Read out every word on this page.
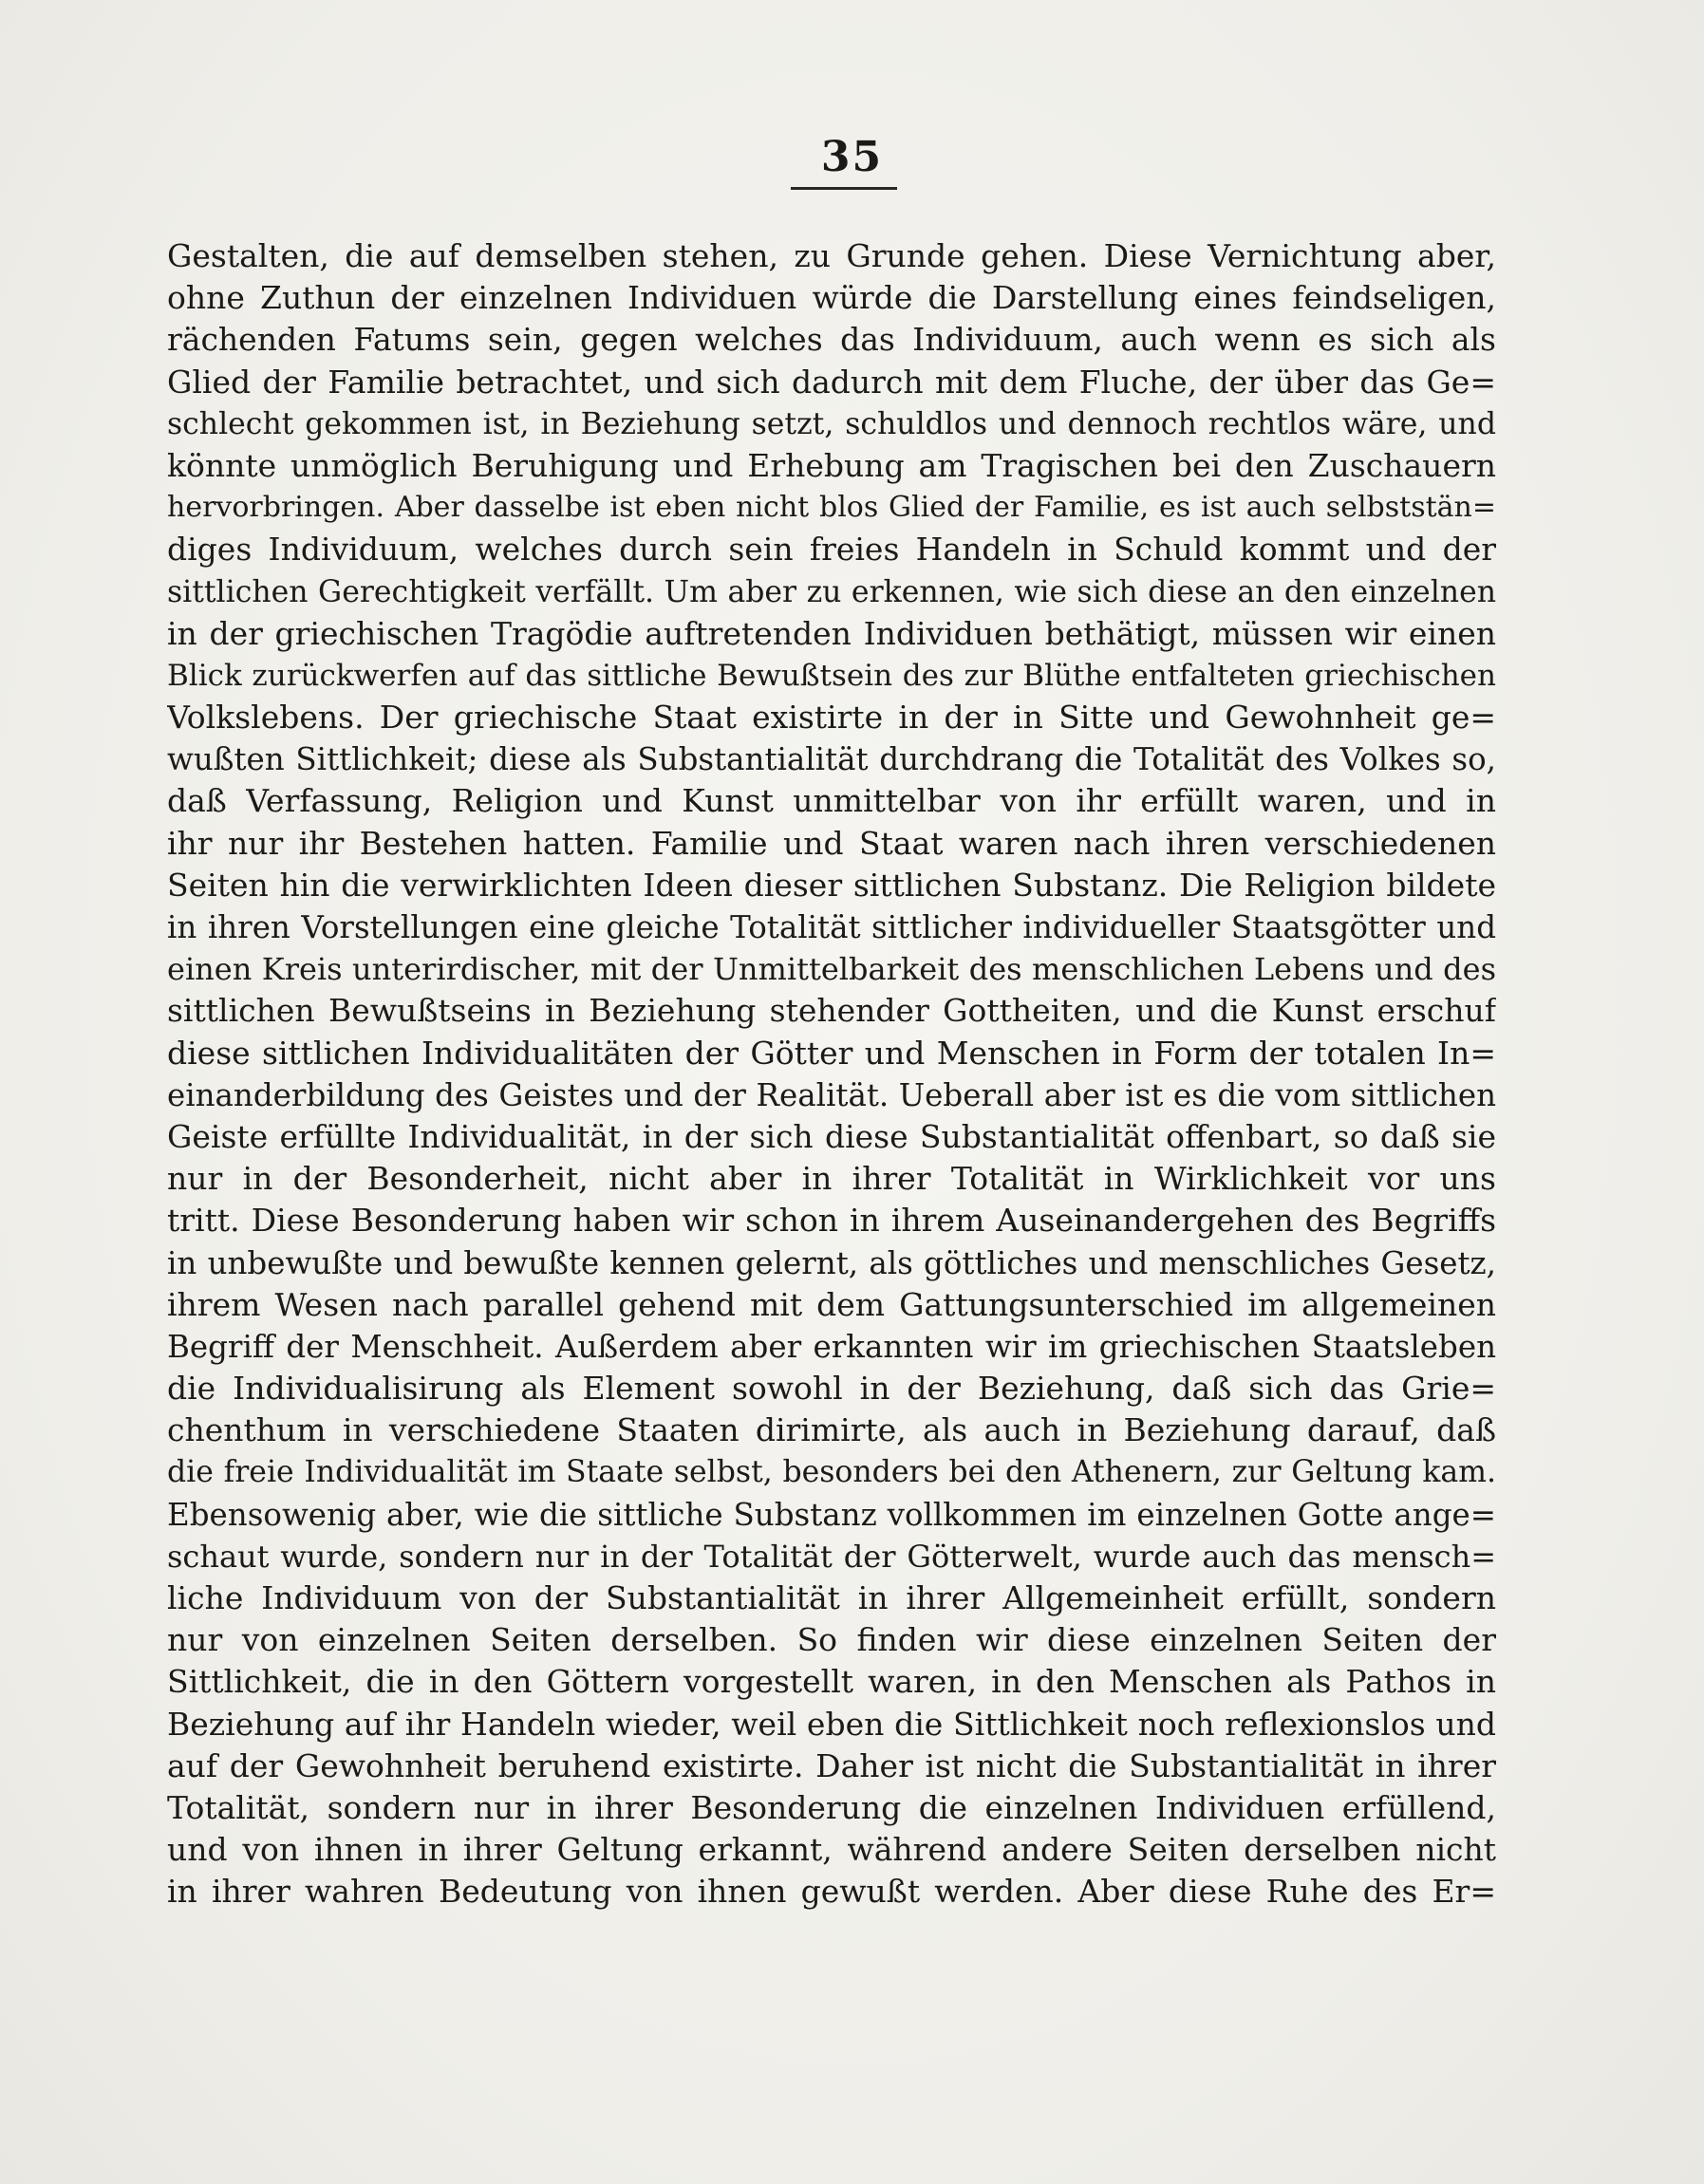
35
Gestalten, die auf demselben stehen, zu Grunde gehen. Diese Vernichtung aber,
ohne Zuthun der einzelnen Individuen würde die Darstellung eines feindseligen,
rächenden Fatums sein, gegen welches das Individuum, auch wenn es sich als
Glied der Familie betrachtet, und sich dadurch mit dem Fluche, der über das Ge=
schlecht gekommen ist, in Beziehung setzt, schuldlos und dennoch rechtlos wäre, und
könnte unmöglich Beruhigung und Erhebung am Tragischen bei den Zuschauern
hervorbringen. Aber dasselbe ist eben nicht blos Glied der Familie, es ist auch selbststän=
diges Individuum, welches durch sein freies Handeln in Schuld kommt und der
sittlichen Gerechtigkeit verfällt. Um aber zu erkennen, wie sich diese an den einzelnen
in der griechischen Tragödie auftretenden Individuen bethätigt, müssen wir einen
Blick zurückwerfen auf das sittliche Bewußtsein des zur Blüthe entfalteten griechischen
Volkslebens. Der griechische Staat existirte in der in Sitte und Gewohnheit ge=
wußten Sittlichkeit; diese als Substantialität durchdrang die Totalität des Volkes so,
daß Verfassung, Religion und Kunst unmittelbar von ihr erfüllt waren, und in
ihr nur ihr Bestehen hatten. Familie und Staat waren nach ihren verschiedenen
Seiten hin die verwirklichten Ideen dieser sittlichen Substanz. Die Religion bildete
in ihren Vorstellungen eine gleiche Totalität sittlicher individueller Staatsgötter und
einen Kreis unterirdischer, mit der Unmittelbarkeit des menschlichen Lebens und des
sittlichen Bewußtseins in Beziehung stehender Gottheiten, und die Kunst erschuf
diese sittlichen Individualitäten der Götter und Menschen in Form der totalen In=
einanderbildung des Geistes und der Realität. Ueberall aber ist es die vom sittlichen
Geiste erfüllte Individualität, in der sich diese Substantialität offenbart, so daß sie
nur in der Besonderheit, nicht aber in ihrer Totalität in Wirklichkeit vor uns
tritt. Diese Besonderung haben wir schon in ihrem Auseinandergehen des Begriffs
in unbewußte und bewußte kennen gelernt, als göttliches und menschliches Gesetz,
ihrem Wesen nach parallel gehend mit dem Gattungsunterschied im allgemeinen
Begriff der Menschheit. Außerdem aber erkannten wir im griechischen Staatsleben
die Individualisirung als Element sowohl in der Beziehung, daß sich das Grie=
chenthum in verschiedene Staaten dirimirte, als auch in Beziehung darauf, daß
die freie Individualität im Staate selbst, besonders bei den Athenern, zur Geltung kam.
Ebensowenig aber, wie die sittliche Substanz vollkommen im einzelnen Gotte ange=
schaut wurde, sondern nur in der Totalität der Götterwelt, wurde auch das mensch=
liche Individuum von der Substantialität in ihrer Allgemeinheit erfüllt, sondern
nur von einzelnen Seiten derselben. So finden wir diese einzelnen Seiten der
Sittlichkeit, die in den Göttern vorgestellt waren, in den Menschen als Pathos in
Beziehung auf ihr Handeln wieder, weil eben die Sittlichkeit noch reflexionslos und
auf der Gewohnheit beruhend existirte. Daher ist nicht die Substantialität in ihrer
Totalität, sondern nur in ihrer Besonderung die einzelnen Individuen erfüllend,
und von ihnen in ihrer Geltung erkannt, während andere Seiten derselben nicht
in ihrer wahren Bedeutung von ihnen gewußt werden. Aber diese Ruhe des Er=
